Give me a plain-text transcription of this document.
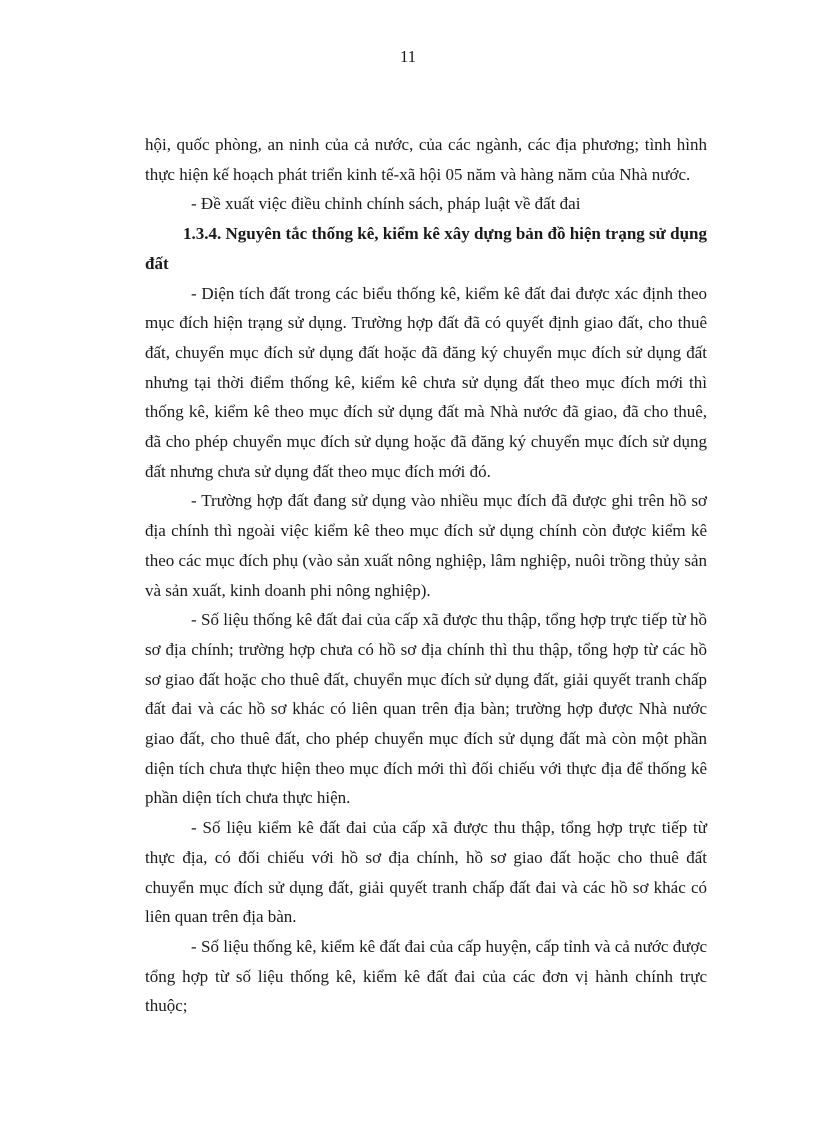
11

hội, quốc phòng, an ninh của cả nước, của các ngành, các địa phương; tình hình thực hiện kế hoạch phát triển kinh tế-xã hội 05 năm và hàng năm của Nhà nước.

- Đề xuất việc điều chỉnh chính sách, pháp luật về đất đai

1.3.4. Nguyên tắc thống kê, kiểm kê xây dựng bản đồ hiện trạng sử dụng đất

- Diện tích đất trong các biểu thống kê, kiểm kê đất đai được xác định theo mục đích hiện trạng sử dụng. Trường hợp đất đã có quyết định giao đất, cho thuê đất, chuyển mục đích sử dụng đất hoặc đã đăng ký chuyển mục đích sử dụng đất nhưng tại thời điểm thống kê, kiểm kê chưa sử dụng đất theo mục đích mới thì thống kê, kiểm kê theo mục đích sử dụng đất mà Nhà nước đã giao, đã cho thuê, đã cho phép chuyển mục đích sử dụng hoặc đã đăng ký chuyển mục đích sử dụng đất nhưng chưa sử dụng đất theo mục đích mới đó.

- Trường hợp đất đang sử dụng vào nhiều mục đích đã được ghi trên hồ sơ địa chính thì ngoài việc kiểm kê theo mục đích sử dụng chính còn được kiểm kê theo các mục đích phụ (vào sản xuất nông nghiệp, lâm nghiệp, nuôi trồng thủy sản và sản xuất, kinh doanh phi nông nghiệp).

- Số liệu thống kê đất đai của cấp xã được thu thập, tổng hợp trực tiếp từ hồ sơ địa chính; trường hợp chưa có hồ sơ địa chính thì thu thập, tổng hợp từ các hồ sơ giao đất hoặc cho thuê đất, chuyển mục đích sử dụng đất, giải quyết tranh chấp đất đai và các hồ sơ khác có liên quan trên địa bàn; trường hợp được Nhà nước giao đất, cho thuê đất, cho phép chuyển mục đích sử dụng đất mà còn một phần diện tích chưa thực hiện theo mục đích mới thì đối chiếu với thực địa để thống kê phần diện tích chưa thực hiện.

- Số liệu kiểm kê đất đai của cấp xã được thu thập, tổng hợp trực tiếp từ thực địa, có đối chiếu với hồ sơ địa chính, hồ sơ giao đất hoặc cho thuê đất chuyển mục đích sử dụng đất, giải quyết tranh chấp đất đai và các hồ sơ khác có liên quan trên địa bàn.

- Số liệu thống kê, kiểm kê đất đai của cấp huyện, cấp tỉnh và cả nước được tổng hợp từ số liệu thống kê, kiểm kê đất đai của các đơn vị hành chính trực thuộc;
